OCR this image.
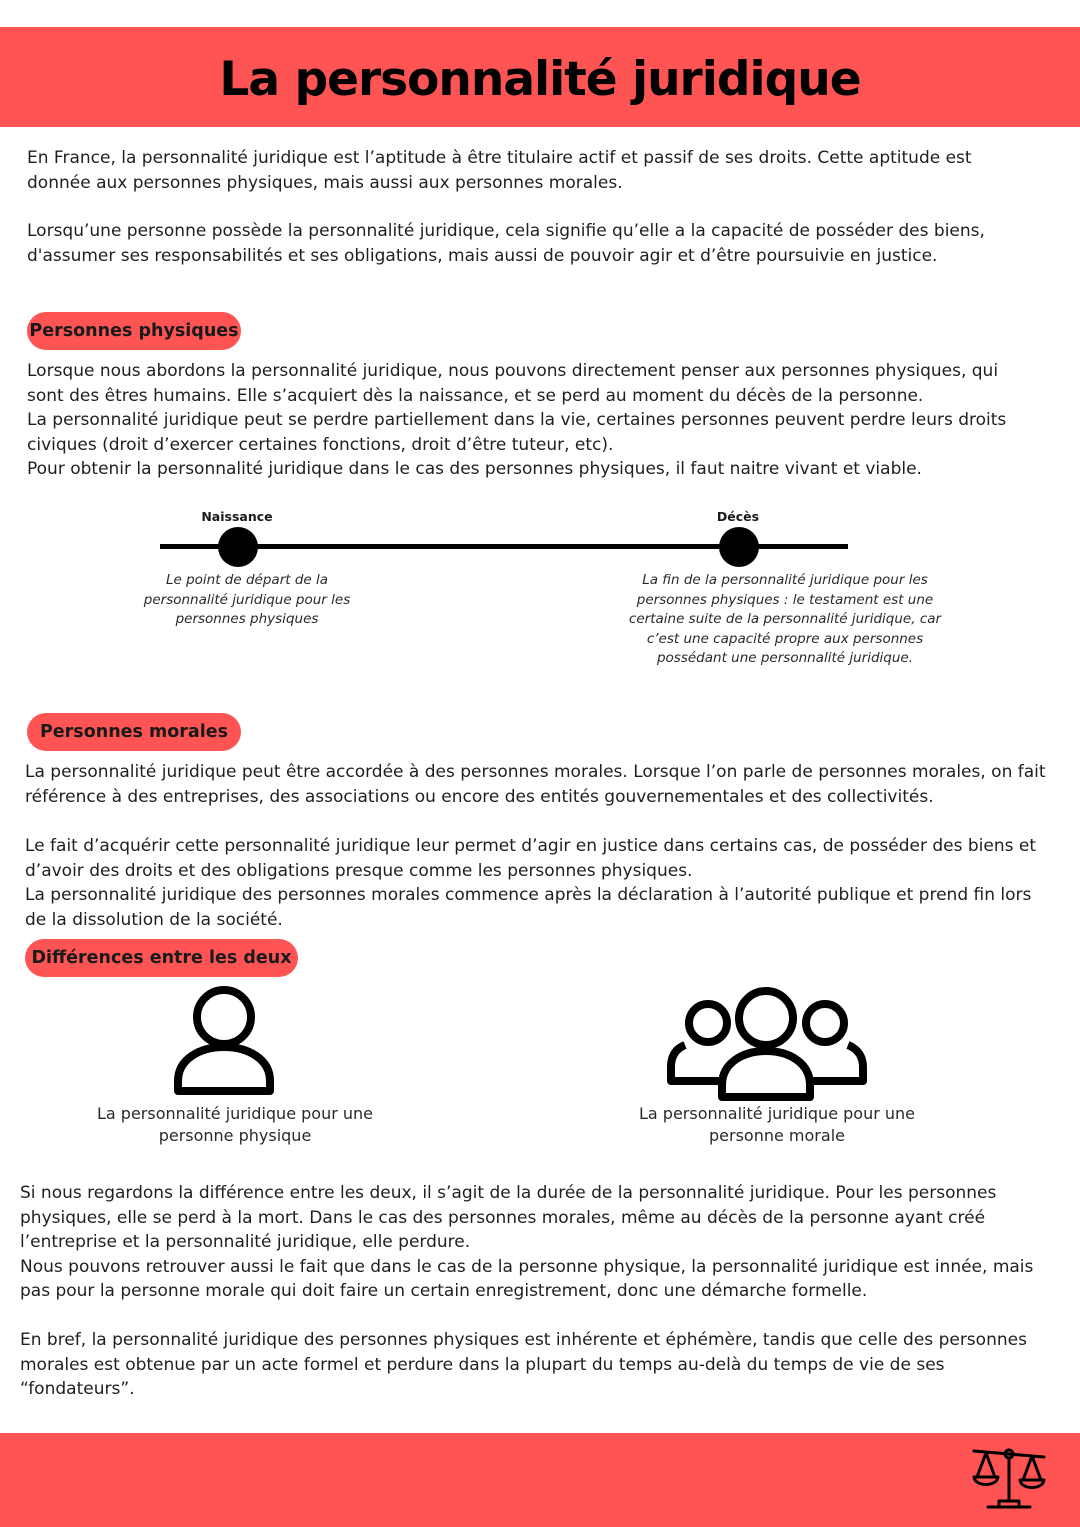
La personnalité juridique

En France, la personnalité juridique est l’aptitude à être titulaire actif et passif de ses droits. Cette aptitude est donnée aux personnes physiques, mais aussi aux personnes morales.

Lorsqu’une personne possède la personnalité juridique, cela signifie qu’elle a la capacité de posséder des biens, d'assumer ses responsabilités et ses obligations, mais aussi de pouvoir agir et d’être poursuivie en justice.

Personnes physiques

Lorsque nous abordons la personnalité juridique, nous pouvons directement penser aux personnes physiques, qui sont des êtres humains. Elle s’acquiert dès la naissance, et se perd au moment du décès de la personne.
La personnalité juridique peut se perdre partiellement dans la vie, certaines personnes peuvent perdre leurs droits civiques (droit d’exercer certaines fonctions, droit d’être tuteur, etc).
Pour obtenir la personnalité juridique dans le cas des personnes physiques, il faut naitre vivant et viable.

Naissance	Décès

Le point de départ de la personnalité juridique pour les personnes physiques

La fin de la personnalité juridique pour les personnes physiques : le testament est une certaine suite de la personnalité juridique, car c’est une capacité propre aux personnes possédant une personnalité juridique.

Personnes morales

La personnalité juridique peut être accordée à des personnes morales. Lorsque l’on parle de personnes morales, on fait référence à des entreprises, des associations ou encore des entités gouvernementales et des collectivités.

Le fait d’acquérir cette personnalité juridique leur permet d’agir en justice dans certains cas, de posséder des biens et d’avoir des droits et des obligations presque comme les personnes physiques.
La personnalité juridique des personnes morales commence après la déclaration à l’autorité publique et prend fin lors de la dissolution de la société.

Différences entre les deux

La personnalité juridique pour une personne physique

La personnalité juridique pour une personne morale

Si nous regardons la différence entre les deux, il s’agit de la durée de la personnalité juridique. Pour les personnes physiques, elle se perd à la mort. Dans le cas des personnes morales, même au décès de la personne ayant créé l’entreprise et la personnalité juridique, elle perdure.
Nous pouvons retrouver aussi le fait que dans le cas de la personne physique, la personnalité juridique est innée, mais pas pour la personne morale qui doit faire un certain enregistrement, donc une démarche formelle.

En bref, la personnalité juridique des personnes physiques est inhérente et éphémère, tandis que celle des personnes morales est obtenue par un acte formel et perdure dans la plupart du temps au-delà du temps de vie de ses “fondateurs”.
